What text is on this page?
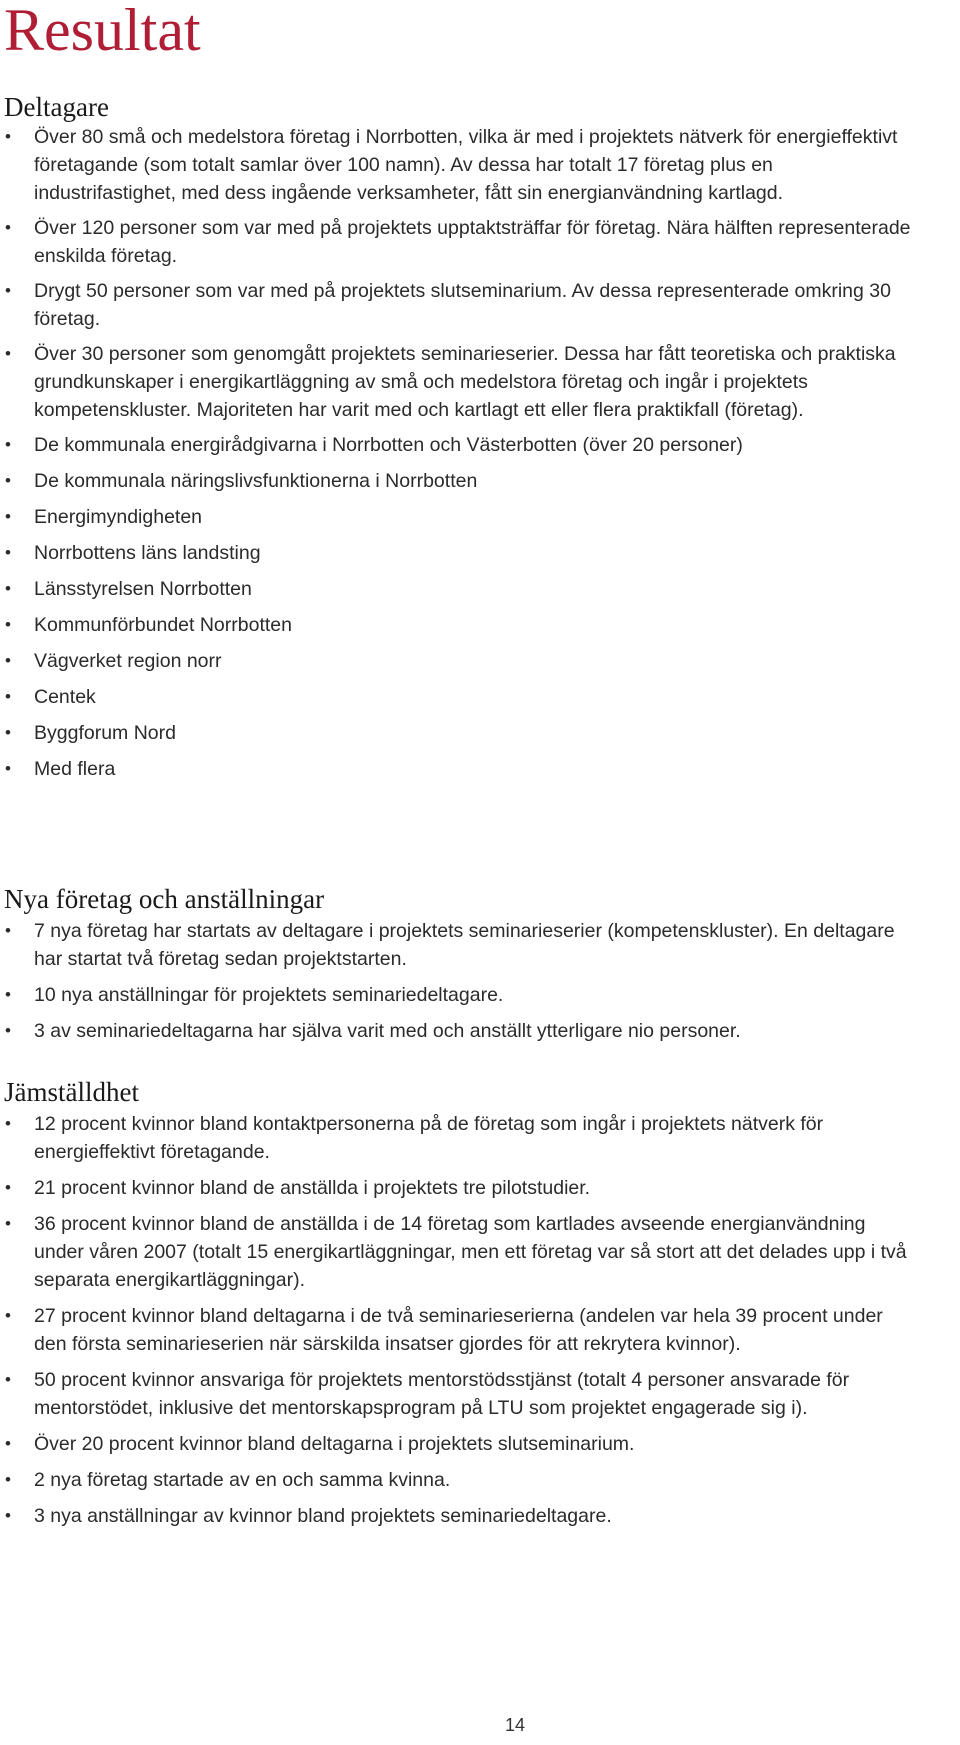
Resultat
Deltagare
• Över 80 små och medelstora företag i Norrbotten, vilka är med i projektets nätverk för energieffektivt företagande (som totalt samlar över 100 namn). Av dessa har totalt 17 företag plus en industrifastighet, med dess ingående verksamheter, fått sin energianvändning kartlagd.
• Över 120 personer som var med på projektets upptaktsträffar för företag. Nära hälften representerade enskilda företag.
• Drygt 50 personer som var med på projektets slutseminarium. Av dessa representerade omkring 30 företag.
• Över 30 personer som genomgått projektets seminarieserier. Dessa har fått teoretiska och praktiska grundkunskaper i energikartläggning av små och medelstora företag och ingår i projektets kompetenskluster. Majoriteten har varit med och kartlagt ett eller flera praktikfall (företag).
• De kommunala energirådgivarna i Norrbotten och Västerbotten (över 20 personer)
• De kommunala näringslivsfunktionerna i Norrbotten
• Energimyndigheten
• Norrbottens läns landsting
• Länsstyrelsen Norrbotten
• Kommunförbundet Norrbotten
• Vägverket region norr
• Centek
• Byggforum Nord
• Med flera
Nya företag och anställningar
• 7 nya företag har startats av deltagare i projektets seminarieserier (kompetenskluster). En deltagare har startat två företag sedan projektstarten.
• 10 nya anställningar för projektets seminariedeltagare.
• 3 av seminariedeltagarna har själva varit med och anställt ytterligare nio personer.
Jämställdhet
• 12 procent kvinnor bland kontaktpersonerna på de företag som ingår i projektets nätverk för energieffektivt företagande.
• 21 procent kvinnor bland de anställda i projektets tre pilotstudier.
• 36 procent kvinnor bland de anställda i de 14 företag som kartlades avseende energianvändning under våren 2007 (totalt 15 energikartläggningar, men ett företag var så stort att det delades upp i två separata energikartläggningar).
• 27 procent kvinnor bland deltagarna i de två seminarieserierna (andelen var hela 39 procent under den första seminarieserien när särskilda insatser gjordes för att rekrytera kvinnor).
• 50 procent kvinnor ansvariga för projektets mentorstödsstjänst (totalt 4 personer ansvarade för mentorstödet, inklusive det mentorskapsprogram på LTU som projektet engagerade sig i).
• Över 20 procent kvinnor bland deltagarna i projektets slutseminarium.
• 2 nya företag startade av en och samma kvinna.
• 3 nya anställningar av kvinnor bland projektets seminariedeltagare.
14
